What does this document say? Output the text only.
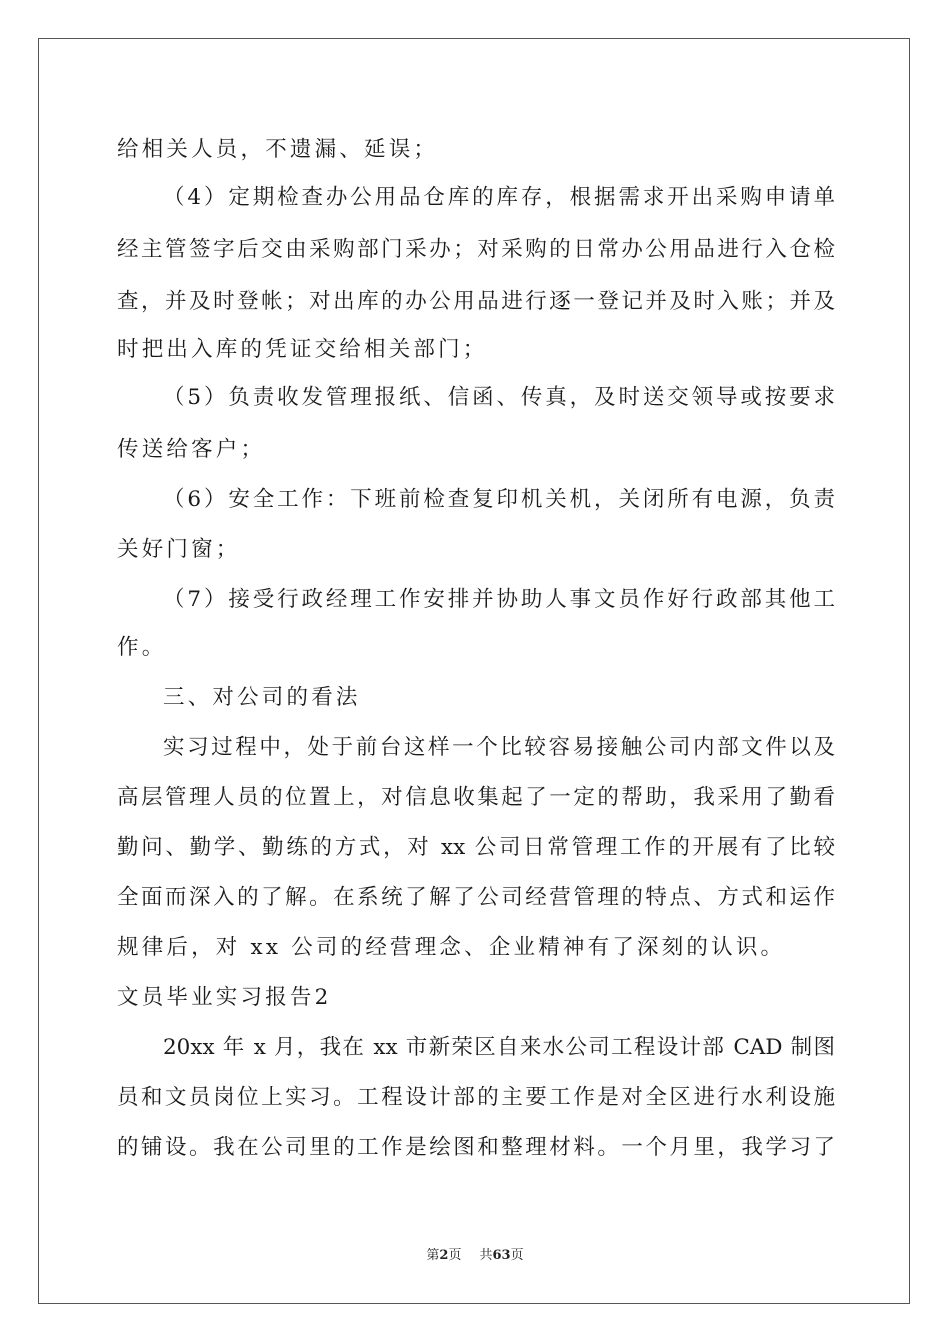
给相关人员，不遗漏、延误；
（4）定期检查办公用品仓库的库存，根据需求开出采购申请单
经主管签字后交由采购部门采办；对采购的日常办公用品进行入仓检
查，并及时登帐；对出库的办公用品进行逐一登记并及时入账；并及
时把出入库的凭证交给相关部门；
（5）负责收发管理报纸、信函、传真，及时送交领导或按要求
传送给客户；
（6）安全工作：下班前检查复印机关机，关闭所有电源，负责
关好门窗；
（7）接受行政经理工作安排并协助人事文员作好行政部其他工
作。
三、对公司的看法
实习过程中，处于前台这样一个比较容易接触公司内部文件以及
高层管理人员的位置上，对信息收集起了一定的帮助，我采用了勤看
勤问、勤学、勤练的方式，对 xx 公司日常管理工作的开展有了比较
全面而深入的了解。在系统了解了公司经营管理的特点、方式和运作
规律后，对 xx 公司的经营理念、企业精神有了深刻的认识。
文员毕业实习报告2
20xx 年 x 月，我在 xx 市新荣区自来水公司工程设计部 CAD 制图
员和文员岗位上实习。工程设计部的主要工作是对全区进行水利设施
的铺设。我在公司里的工作是绘图和整理材料。一个月里，我学习了
第2页 共63页
